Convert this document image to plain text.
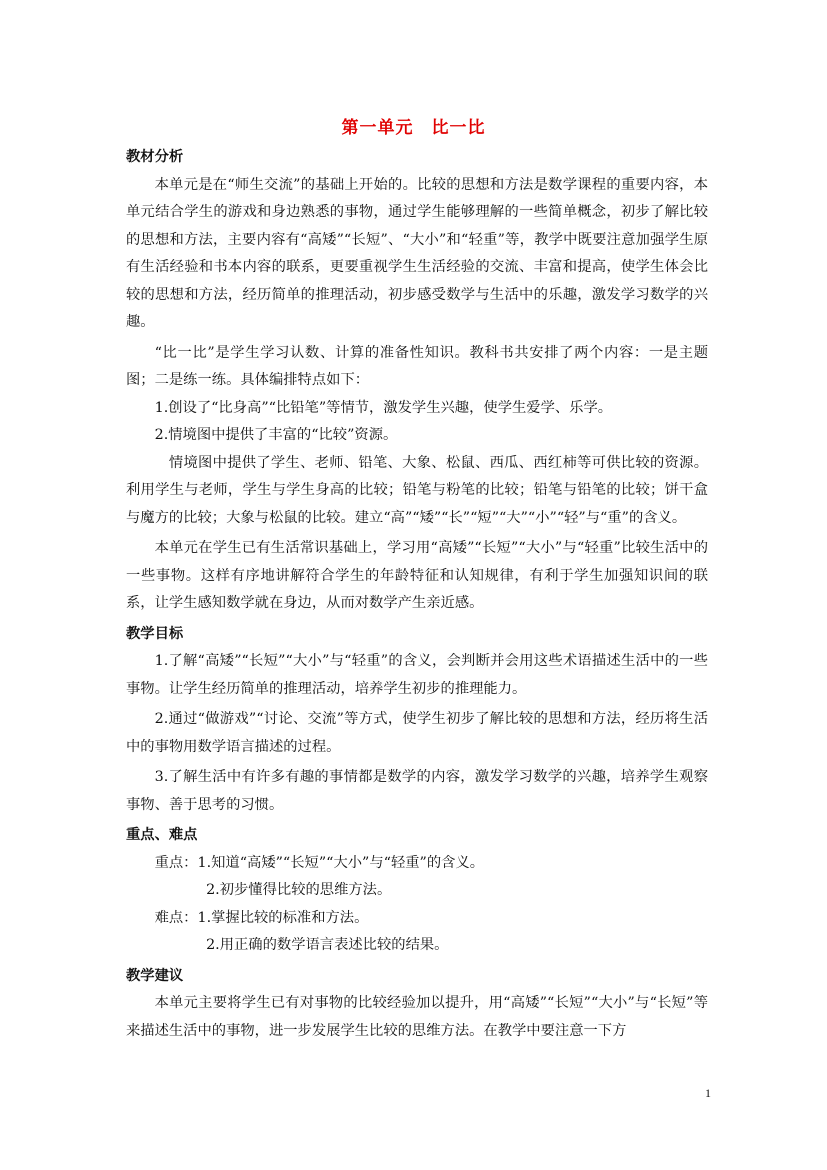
第一单元　比一比
教材分析
本单元是在“师生交流”的基础上开始的。比较的思想和方法是数学课程的重要内容，本单元结合学生的游戏和身边熟悉的事物，通过学生能够理解的一些简单概念，初步了解比较的思想和方法，主要内容有“高矮”“长短”、“大小”和“轻重”等，教学中既要注意加强学生原有生活经验和书本内容的联系，更要重视学生生活经验的交流、丰富和提高，使学生体会比较的思想和方法，经历简单的推理活动，初步感受数学与生活中的乐趣，激发学习数学的兴趣。
“比一比”是学生学习认数、计算的准备性知识。教科书共安排了两个内容：一是主题图；二是练一练。具体编排特点如下：
1.创设了“比身高”“比铅笔”等情节，激发学生兴趣，使学生爱学、乐学。
2.情境图中提供了丰富的“比较”资源。
情境图中提供了学生、老师、铅笔、大象、松鼠、西瓜、西红柿等可供比较的资源。利用学生与老师，学生与学生身高的比较；铅笔与粉笔的比较；铅笔与铅笔的比较；饼干盒与魔方的比较；大象与松鼠的比较。建立“高”“矮”“长”“短”“大”“小”“轻”与“重”的含义。
本单元在学生已有生活常识基础上，学习用“高矮”“长短”“大小”与“轻重”比较生活中的一些事物。这样有序地讲解符合学生的年龄特征和认知规律，有利于学生加强知识间的联系，让学生感知数学就在身边，从而对数学产生亲近感。
教学目标
1.了解“高矮”“长短”“大小”与“轻重”的含义，会判断并会用这些术语描述生活中的一些事物。让学生经历简单的推理活动，培养学生初步的推理能力。
2.通过“做游戏”“讨论、交流”等方式，使学生初步了解比较的思想和方法，经历将生活中的事物用数学语言描述的过程。
3.了解生活中有许多有趣的事情都是数学的内容，激发学习数学的兴趣，培养学生观察事物、善于思考的习惯。
重点、难点
重点：1.知道“高矮”“长短”“大小”与“轻重”的含义。
2.初步懂得比较的思维方法。
难点：1.掌握比较的标准和方法。
2.用正确的数学语言表述比较的结果。
教学建议
本单元主要将学生已有对事物的比较经验加以提升，用“高矮”“长短”“大小”与“长短”等来描述生活中的事物，进一步发展学生比较的思维方法。在教学中要注意一下方
1
